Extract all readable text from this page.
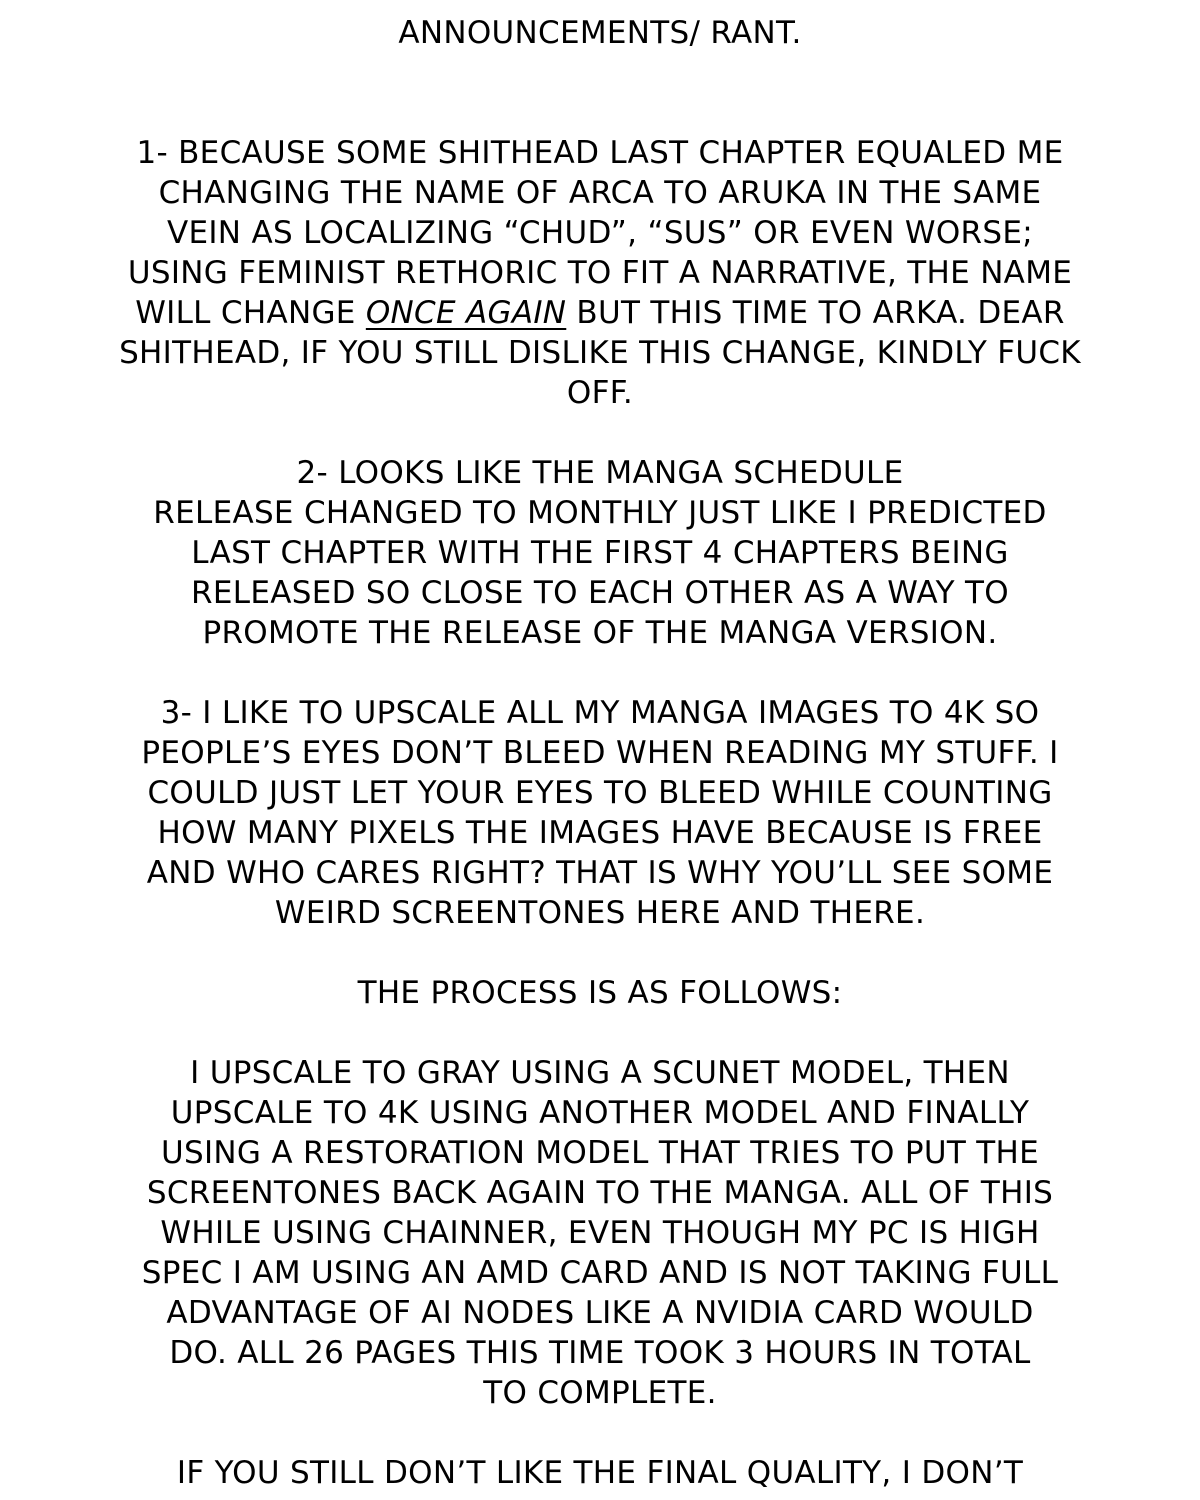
ANNOUNCEMENTS/ RANT.
1- BECAUSE SOME SHITHEAD LAST CHAPTER EQUALED ME
CHANGING THE NAME OF ARCA TO ARUKA IN THE SAME
VEIN AS LOCALIZING “CHUD”, “SUS” OR EVEN WORSE;
USING FEMINIST RETHORIC TO FIT A NARRATIVE, THE NAME
WILL CHANGE ONCE AGAIN BUT THIS TIME TO ARKA. DEAR
SHITHEAD, IF YOU STILL DISLIKE THIS CHANGE, KINDLY FUCK
OFF.
2- LOOKS LIKE THE MANGA SCHEDULE
RELEASE CHANGED TO MONTHLY JUST LIKE I PREDICTED
LAST CHAPTER WITH THE FIRST 4 CHAPTERS BEING
RELEASED SO CLOSE TO EACH OTHER AS A WAY TO
PROMOTE THE RELEASE OF THE MANGA VERSION.
3- I LIKE TO UPSCALE ALL MY MANGA IMAGES TO 4K SO
PEOPLE’S EYES DON’T BLEED WHEN READING MY STUFF. I
COULD JUST LET YOUR EYES TO BLEED WHILE COUNTING
HOW MANY PIXELS THE IMAGES HAVE BECAUSE IS FREE
AND WHO CARES RIGHT? THAT IS WHY YOU’LL SEE SOME
WEIRD SCREENTONES HERE AND THERE.
THE PROCESS IS AS FOLLOWS:
I UPSCALE TO GRAY USING A SCUNET MODEL, THEN
UPSCALE TO 4K USING ANOTHER MODEL AND FINALLY
USING A RESTORATION MODEL THAT TRIES TO PUT THE
SCREENTONES BACK AGAIN TO THE MANGA. ALL OF THIS
WHILE USING CHAINNER, EVEN THOUGH MY PC IS HIGH
SPEC I AM USING AN AMD CARD AND IS NOT TAKING FULL
ADVANTAGE OF AI NODES LIKE A NVIDIA CARD WOULD
DO. ALL 26 PAGES THIS TIME TOOK 3 HOURS IN TOTAL
TO COMPLETE.
IF YOU STILL DON’T LIKE THE FINAL QUALITY, I DON’T
